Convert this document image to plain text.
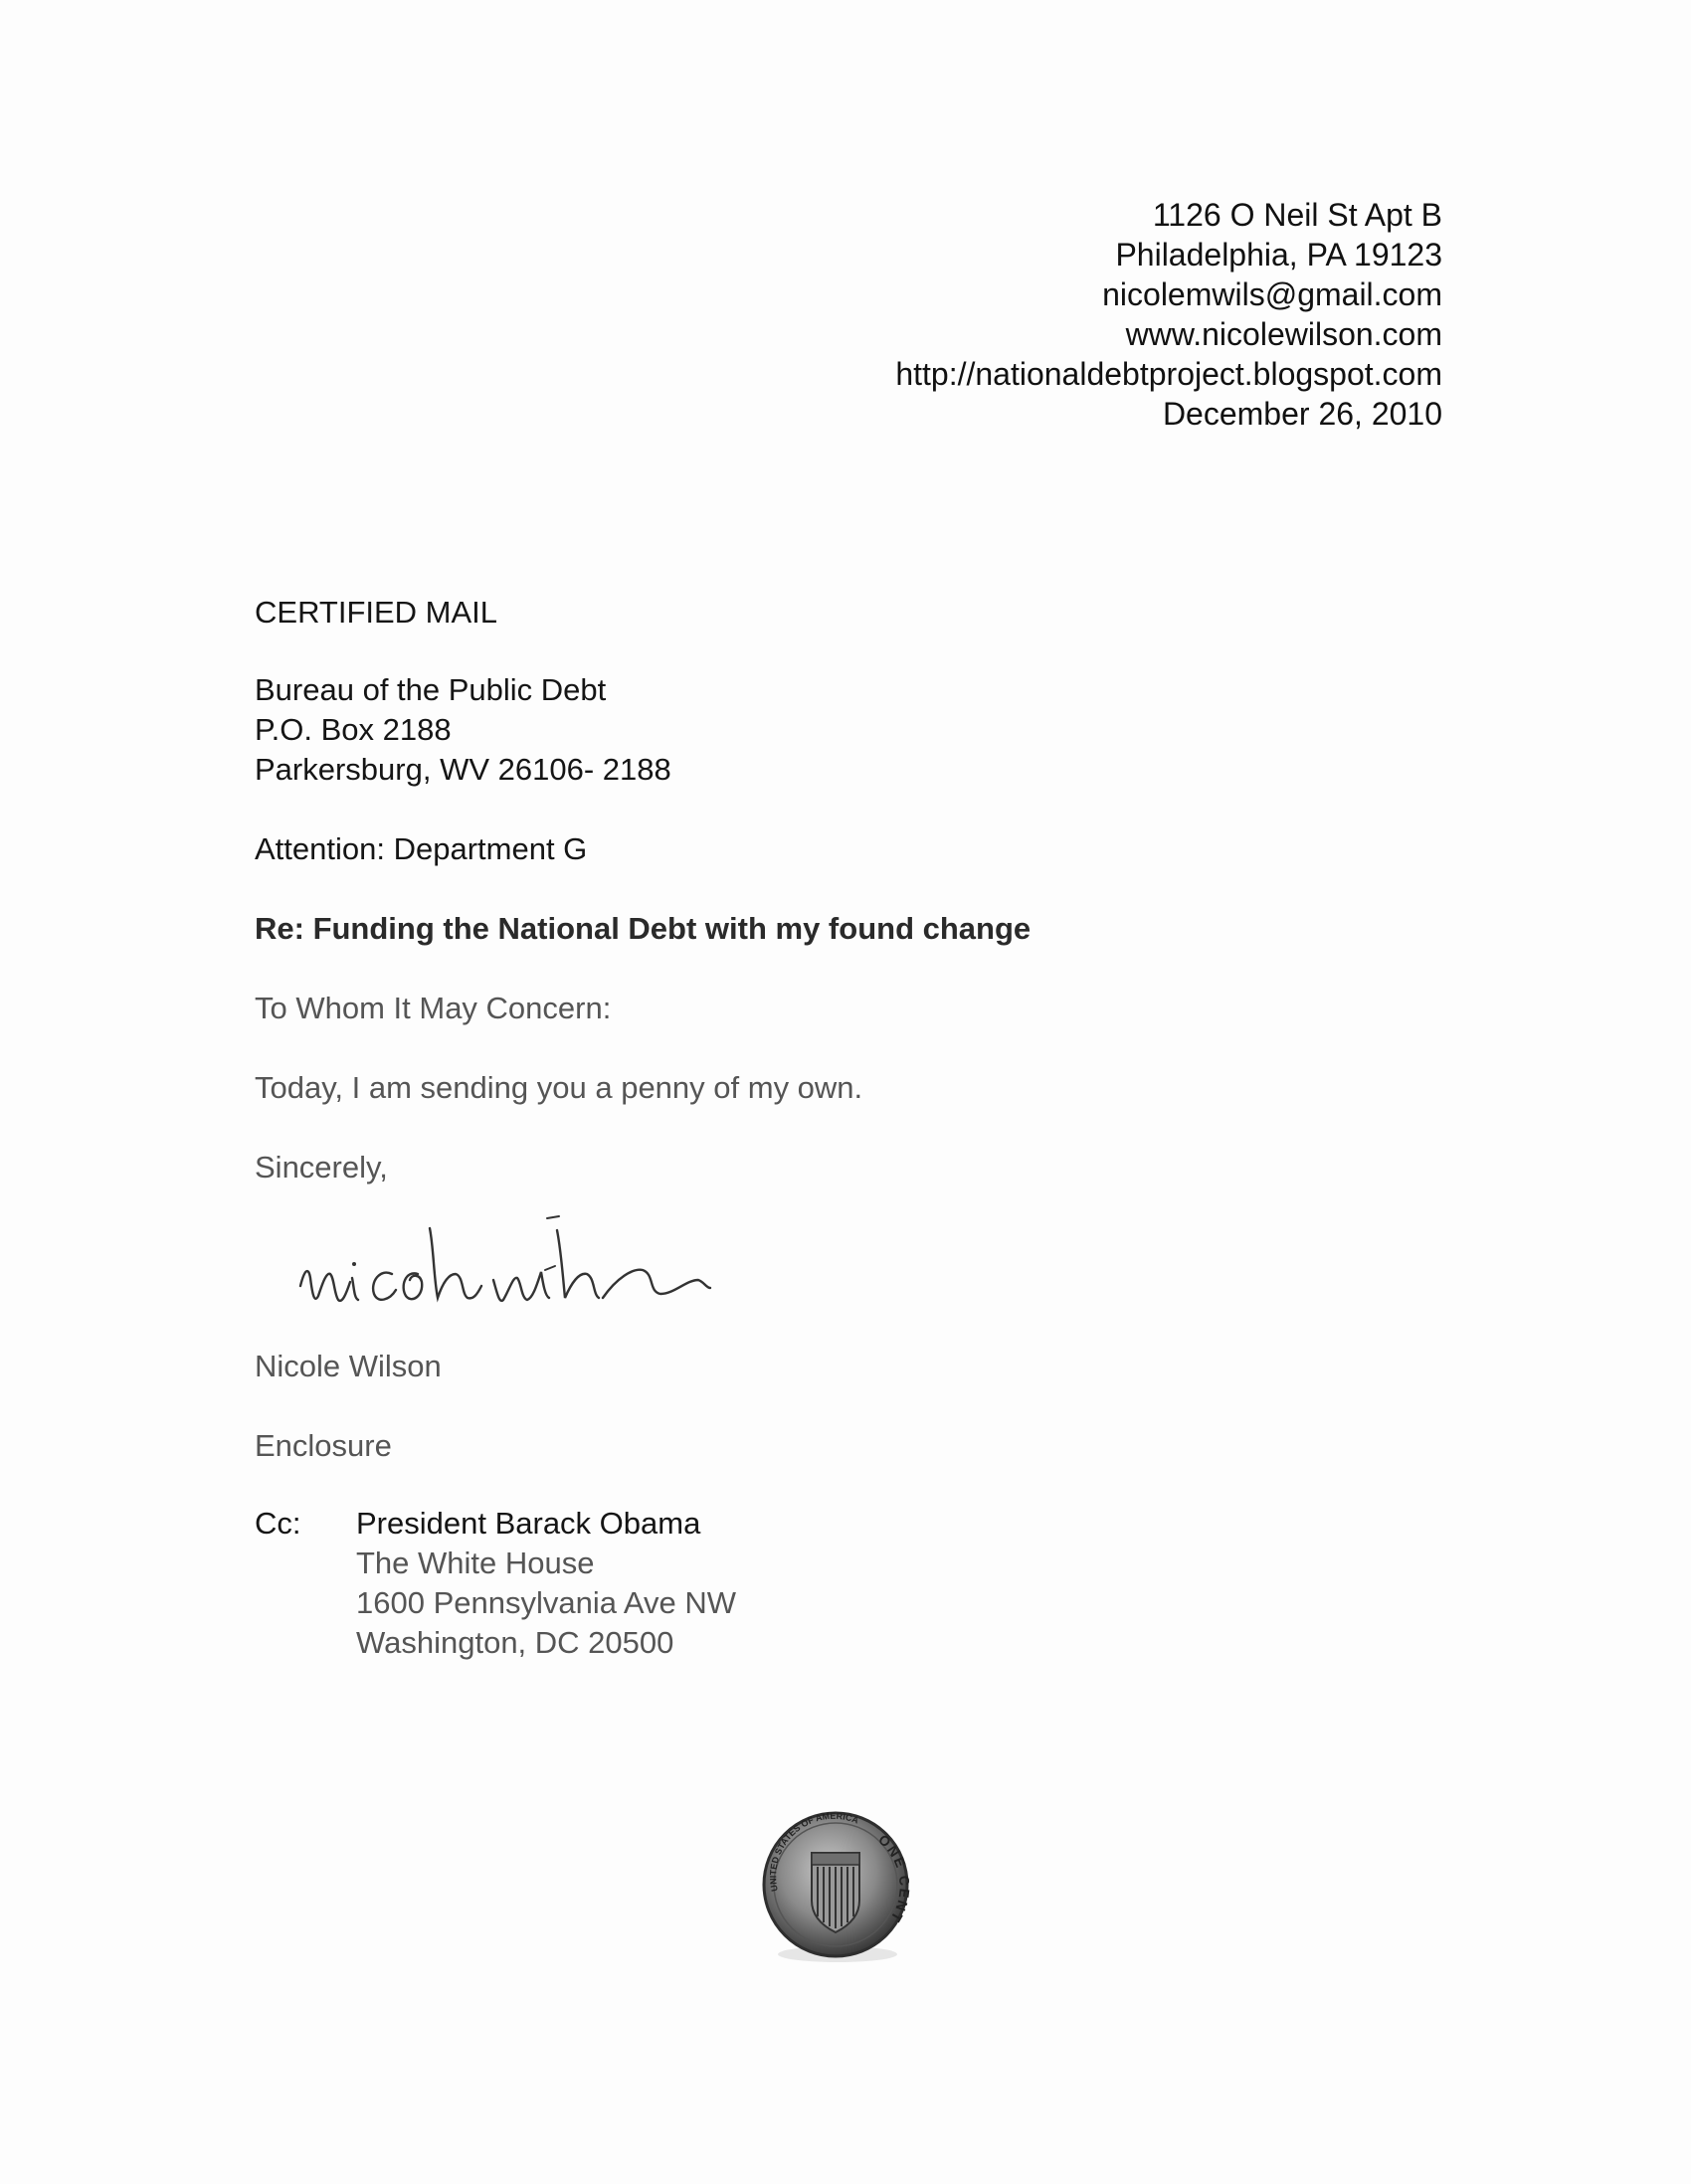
1126 O Neil St Apt B
Philadelphia, PA 19123
nicolemwils@gmail.com
www.nicolewilson.com
http://nationaldebtproject.blogspot.com
December 26, 2010
CERTIFIED MAIL
Bureau of the Public Debt
P.O. Box 2188
Parkersburg, WV 26106- 2188
Attention: Department G
Re: Funding the National Debt with my found change
To Whom It May Concern:
Today, I am sending you a penny of my own.
Sincerely,
Nicole Wilson
Enclosure
Cc: President Barack Obama
The White House
1600 Pennsylvania Ave NW
Washington, DC 20500
UNITED STATES OF AMERICA
ONE CENT
